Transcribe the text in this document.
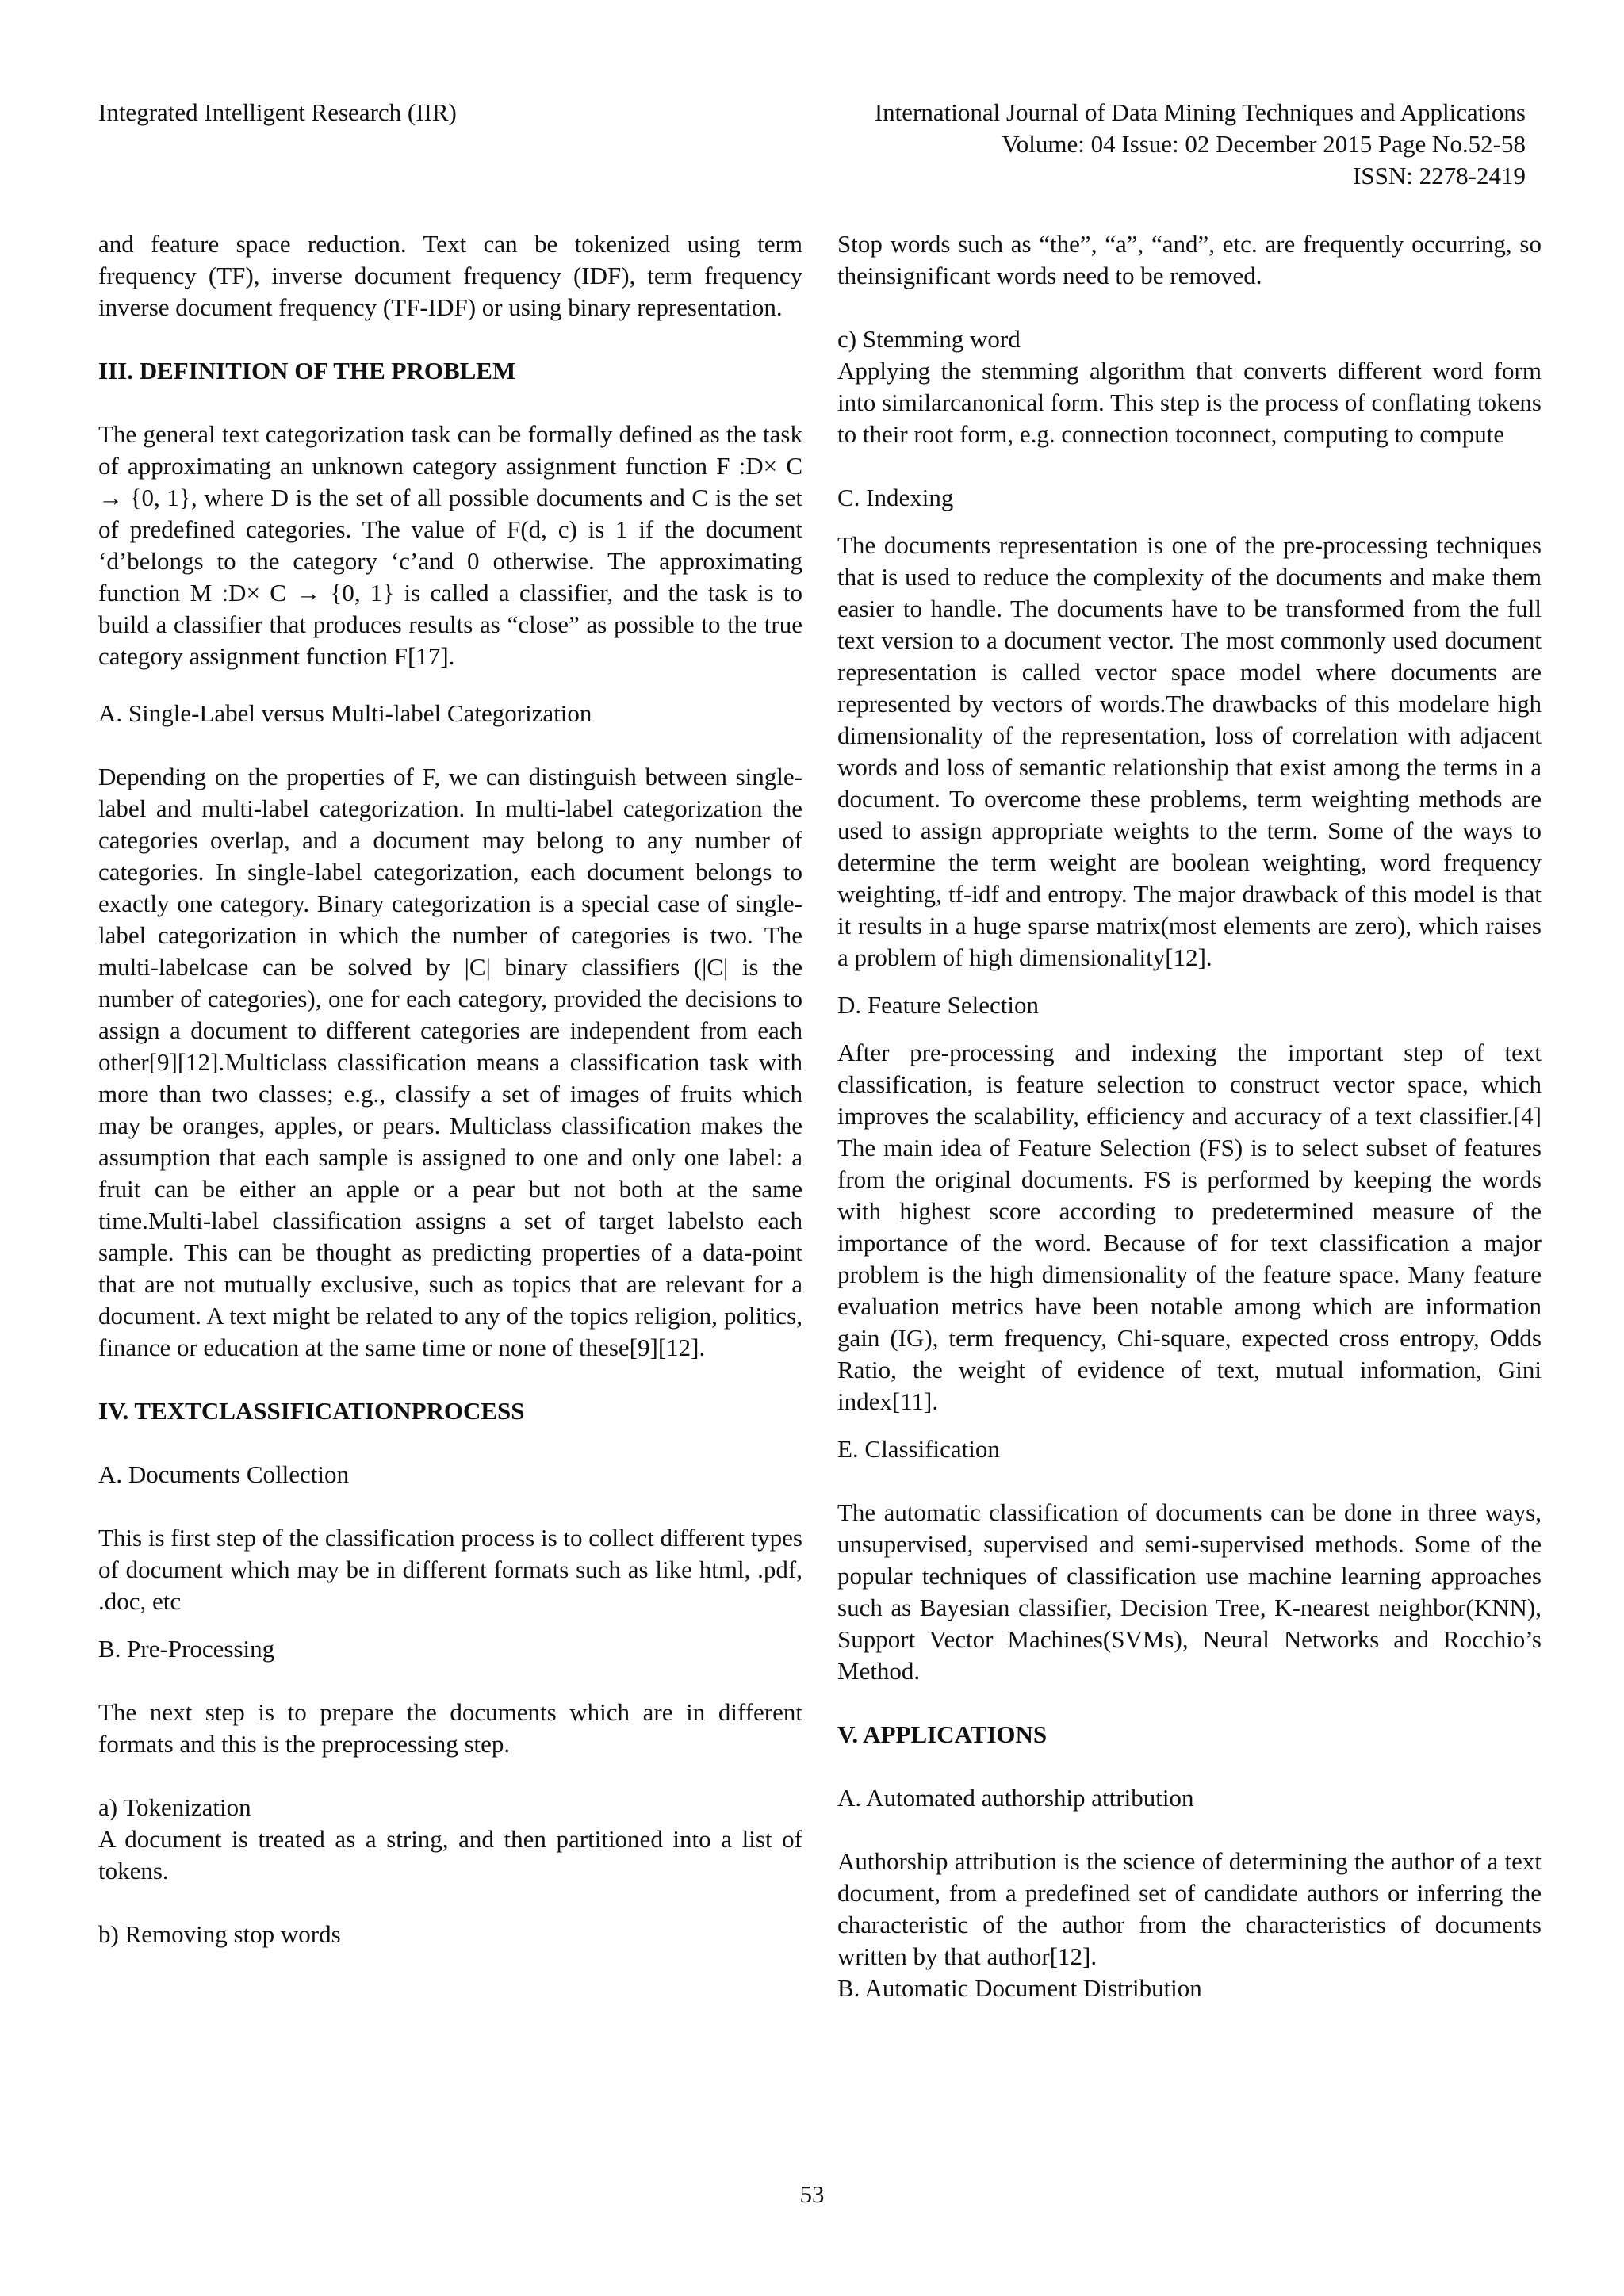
Integrated Intelligent Research (IIR)	International Journal of Data Mining Techniques and Applications
Volume: 04 Issue: 02 December 2015 Page No.52-58
ISSN: 2278-2419

and feature space reduction. Text can be tokenized using term frequency (TF), inverse document frequency (IDF), term frequency inverse document frequency (TF-IDF) or using binary representation.

III. DEFINITION OF THE PROBLEM

The general text categorization task can be formally defined as the task of approximating an unknown category assignment function F :D× C → {0, 1}, where D is the set of all possible documents and C is the set of predefined categories. The value of F(d, c) is 1 if the document ‘d’belongs to the category ‘c’and 0 otherwise. The approximating function M :D× C → {0, 1} is called a classifier, and the task is to build a classifier that produces results as “close” as possible to the true category assignment function F[17].

A. Single-Label versus Multi-label Categorization

Depending on the properties of F, we can distinguish between single-label and multi-label categorization. In multi-label categorization the categories overlap, and a document may belong to any number of categories. In single-label categorization, each document belongs to exactly one category. Binary categorization is a special case of single-label categorization in which the number of categories is two. The multi-labelcase can be solved by |C| binary classifiers (|C| is the number of categories), one for each category, provided the decisions to assign a document to different categories are independent from each other[9][12].Multiclass classification means a classification task with more than two classes; e.g., classify a set of images of fruits which may be oranges, apples, or pears. Multiclass classification makes the assumption that each sample is assigned to one and only one label: a fruit can be either an apple or a pear but not both at the same time.Multi-label classification assigns a set of target labelsto each sample. This can be thought as predicting properties of a data-point that are not mutually exclusive, such as topics that are relevant for a document. A text might be related to any of the topics religion, politics, finance or education at the same time or none of these[9][12].

IV. TEXTCLASSIFICATIONPROCESS

A. Documents Collection

This is first step of the classification process is to collect different types of document which may be in different formats such as like html, .pdf, .doc, etc

B. Pre-Processing

The next step is to prepare the documents which are in different formats and this is the preprocessing step.

a) Tokenization

A document is treated as a string, and then partitioned into a list of tokens.

b) Removing stop words

Stop words such as “the”, “a”, “and”, etc. are frequently occurring, so theinsignificant words need to be removed.

c) Stemming word

Applying the stemming algorithm that converts different word form into similarcanonical form. This step is the process of conflating tokens to their root form, e.g. connection toconnect, computing to compute

C. Indexing

The documents representation is one of the pre-processing techniques that is used to reduce the complexity of the documents and make them easier to handle. The documents have to be transformed from the full text version to a document vector. The most commonly used document representation is called vector space model where documents are represented by vectors of words.The drawbacks of this modelare high dimensionality of the representation, loss of correlation with adjacent words and loss of semantic relationship that exist among the terms in a document. To overcome these problems, term weighting methods are used to assign appropriate weights to the term. Some of the ways to determine the term weight are boolean weighting, word frequency weighting, tf-idf and entropy. The major drawback of this model is that it results in a huge sparse matrix(most elements are zero), which raises a problem of high dimensionality[12].

D. Feature Selection

After pre-processing and indexing the important step of text classification, is feature selection to construct vector space, which improves the scalability, efficiency and accuracy of a text classifier.[4] The main idea of Feature Selection (FS) is to select subset of features from the original documents. FS is performed by keeping the words with highest score according to predetermined measure of the importance of the word. Because of for text classification a major problem is the high dimensionality of the feature space. Many feature evaluation metrics have been notable among which are information gain (IG), term frequency, Chi-square, expected cross entropy, Odds Ratio, the weight of evidence of text, mutual information, Gini index[11].

E. Classification

The automatic classification of documents can be done in three ways, unsupervised, supervised and semi-supervised methods. Some of the popular techniques of classification use machine learning approaches such as Bayesian classifier, Decision Tree, K-nearest neighbor(KNN), Support Vector Machines(SVMs), Neural Networks and Rocchio’s Method.

V. APPLICATIONS

A. Automated authorship attribution

Authorship attribution is the science of determining the author of a text document, from a predefined set of candidate authors or inferring the characteristic of the author from the characteristics of documents written by that author[12].

B. Automatic Document Distribution

53
